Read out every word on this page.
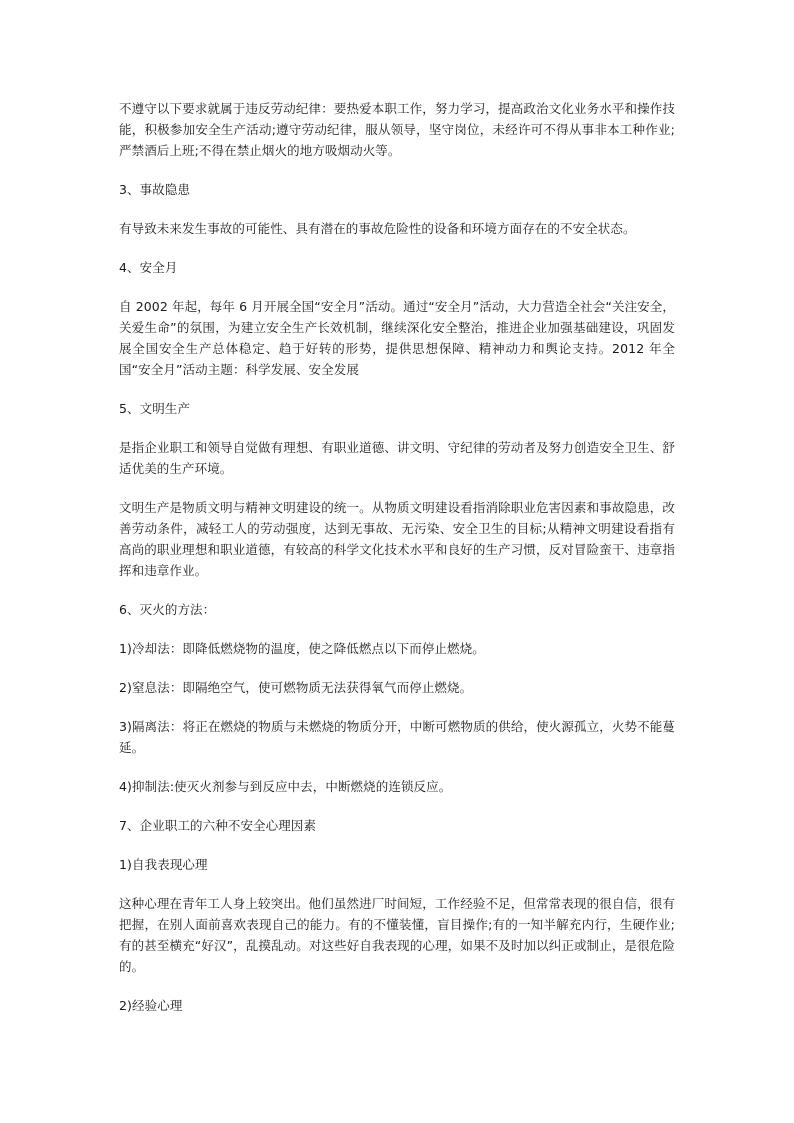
不遵守以下要求就属于违反劳动纪律：要热爱本职工作，努力学习，提高政治文化业务水平和操作技能，积极参加安全生产活动;遵守劳动纪律，服从领导，坚守岗位，未经许可不得从事非本工种作业;严禁酒后上班;不得在禁止烟火的地方吸烟动火等。

3、事故隐患

有导致未来发生事故的可能性、具有潜在的事故危险性的设备和环境方面存在的不安全状态。

4、安全月

自 2002 年起，每年 6 月开展全国“安全月”活动。通过“安全月”活动，大力营造全社会“关注安全，关爱生命”的氛围，为建立安全生产长效机制，继续深化安全整治，推进企业加强基础建设，巩固发展全国安全生产总体稳定、趋于好转的形势，提供思想保障、精神动力和舆论支持。2012 年全国“安全月”活动主题：科学发展、安全发展

5、文明生产

是指企业职工和领导自觉做有理想、有职业道德、讲文明、守纪律的劳动者及努力创造安全卫生、舒适优美的生产环境。

文明生产是物质文明与精神文明建设的统一。从物质文明建设看指消除职业危害因素和事故隐患，改善劳动条件，减轻工人的劳动强度，达到无事故、无污染、安全卫生的目标;从精神文明建设看指有高尚的职业理想和职业道德，有较高的科学文化技术水平和良好的生产习惯，反对冒险蛮干、违章指挥和违章作业。

6、灭火的方法：

1)冷却法：即降低燃烧物的温度，使之降低燃点以下而停止燃烧。

2)窒息法：即隔绝空气，使可燃物质无法获得氧气而停止燃烧。

3)隔离法：将正在燃烧的物质与未燃烧的物质分开，中断可燃物质的供给，使火源孤立，火势不能蔓延。

4)抑制法:使灭火剂参与到反应中去，中断燃烧的连锁反应。

7、企业职工的六种不安全心理因素

1)自我表现心理

这种心理在青年工人身上较突出。他们虽然进厂时间短，工作经验不足，但常常表现的很自信，很有把握，在别人面前喜欢表现自己的能力。有的不懂装懂，盲目操作;有的一知半解充内行，生硬作业;有的甚至横充“好汉”，乱摸乱动。对这些好自我表现的心理，如果不及时加以纠正或制止，是很危险的。

2)经验心理
